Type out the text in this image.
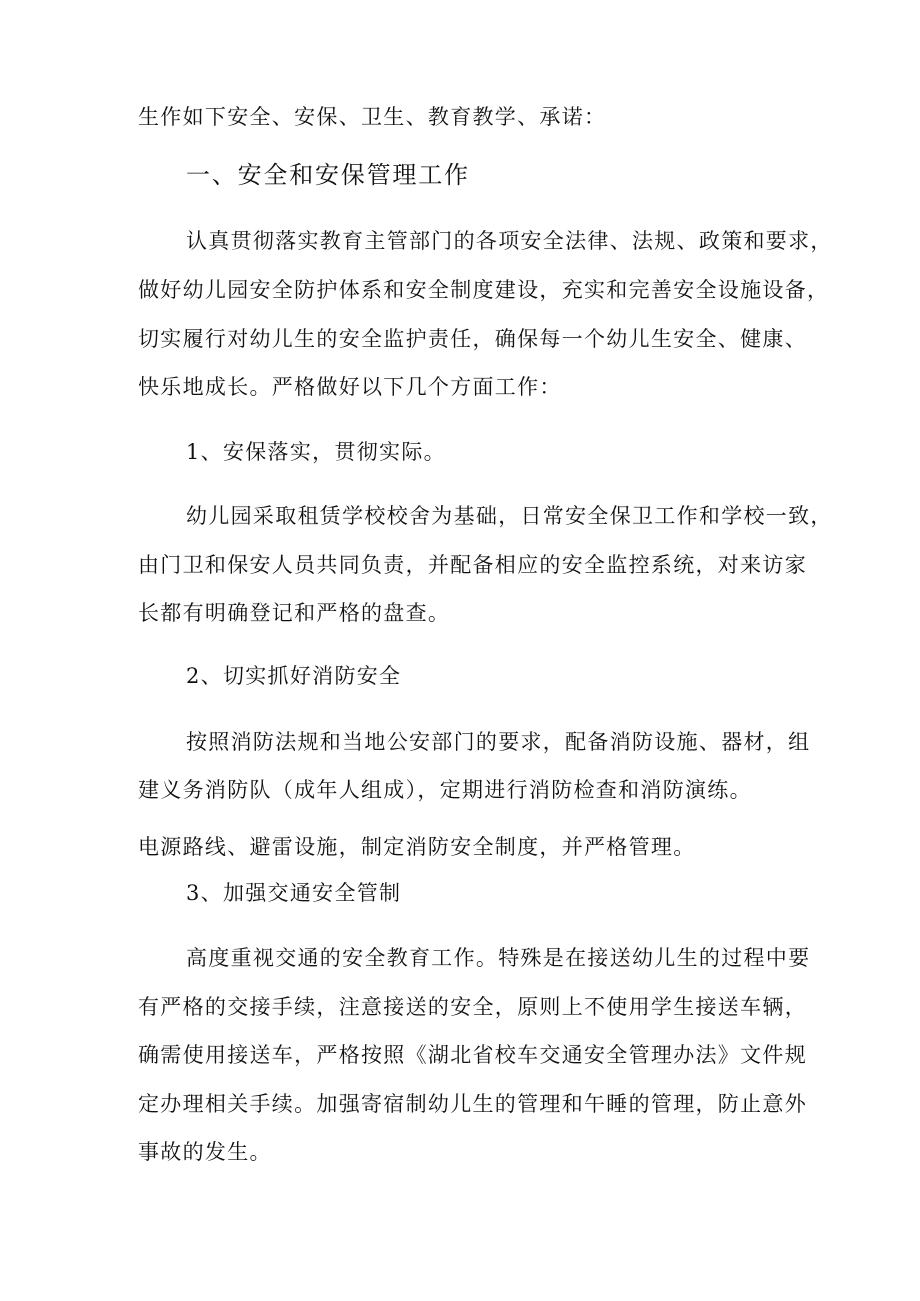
生作如下安全、安保、卫生、教育教学、承诺：
一、安全和安保管理工作
认真贯彻落实教育主管部门的各项安全法律、法规、政策和要求，
做好幼儿园安全防护体系和安全制度建设，充实和完善安全设施设备，
切实履行对幼儿生的安全监护责任，确保每一个幼儿生安全、健康、
快乐地成长。严格做好以下几个方面工作：
1、安保落实，贯彻实际。
幼儿园采取租赁学校校舍为基础，日常安全保卫工作和学校一致，
由门卫和保安人员共同负责，并配备相应的安全监控系统，对来访家
长都有明确登记和严格的盘查。
2、切实抓好消防安全
按照消防法规和当地公安部门的要求，配备消防设施、器材，组
建义务消防队（成年人组成），定期进行消防检查和消防演练。
电源路线、避雷设施，制定消防安全制度，并严格管理。
3、加强交通安全管制
高度重视交通的安全教育工作。特殊是在接送幼儿生的过程中要
有严格的交接手续，注意接送的安全，原则上不使用学生接送车辆，
确需使用接送车，严格按照《湖北省校车交通安全管理办法》文件规
定办理相关手续。加强寄宿制幼儿生的管理和午睡的管理，防止意外
事故的发生。
